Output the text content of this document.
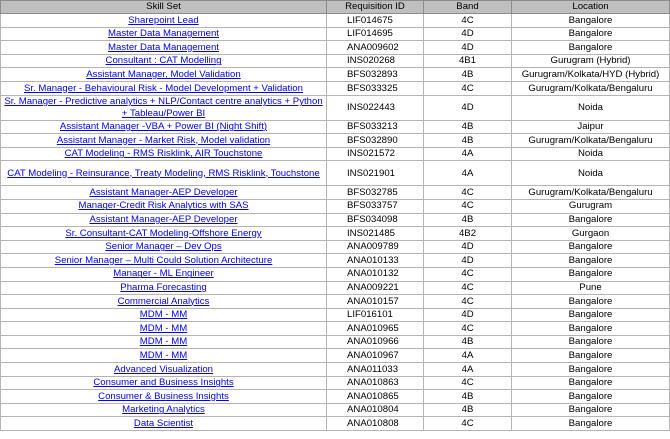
Skill Set	Requisition ID	Band	Location
Sharepoint Lead	LIF014675	4C	Bangalore
Master Data Management	LIF014695	4D	Bangalore
Master Data Management	ANA009602	4D	Bangalore
Consultant : CAT Modelling	INS020268	4B1	Gurugram (Hybrid)
Assistant Manager, Model Validation	BFS032893	4B	Gurugram/Kolkata/HYD (Hybrid)
Sr. Manager - Behavioural Risk - Model Development + Validation	BFS033325	4C	Gurugram/Kolkata/Bengaluru
Sr. Manager - Predictive analytics + NLP/Contact centre analytics + Python + Tableau/Power BI	INS022443	4D	Noida
Assistant Manager -VBA + Power BI (Night Shift)	BFS033213	4B	Jaipur
Assistant Manager - Market Risk, Model validation	BFS032890	4B	Gurugram/Kolkata/Bengaluru
CAT Modeling - RMS Risklink, AIR Touchstone	INS021572	4A	Noida
CAT Modeling - Reinsurance, Treaty Modeling, RMS Risklink, Touchstone	INS021901	4A	Noida
Assistant Manager-AEP Developer	BFS032785	4C	Gurugram/Kolkata/Bengaluru
Manager-Credit Risk Analytics with SAS	BFS033757	4C	Gurugram
Assistant Manager-AEP Developer	BFS034098	4B	Bangalore
Sr. Consultant-CAT Modeling-Offshore Energy	INS021485	4B2	Gurgaon
Senior Manager – Dev Ops	ANA009789	4D	Bangalore
Senior Manager – Multi Could Solution Architecture	ANA010133	4D	Bangalore
Manager - ML Engineer	ANA010132	4C	Bangalore
Pharma Forecasting	ANA009221	4C	Pune
Commercial Analytics	ANA010157	4C	Bangalore
MDM - MM	LIF016101	4D	Bangalore
MDM - MM	ANA010965	4C	Bangalore
MDM - MM	ANA010966	4B	Bangalore
MDM - MM	ANA010967	4A	Bangalore
Advanced Visualization	ANA011033	4A	Bangalore
Consumer and Business Insights	ANA010863	4C	Bangalore
Consumer & Business Insights	ANA010865	4B	Bangalore
Marketing Analytics	ANA010804	4B	Bangalore
Data Scientist	ANA010808	4C	Bangalore
